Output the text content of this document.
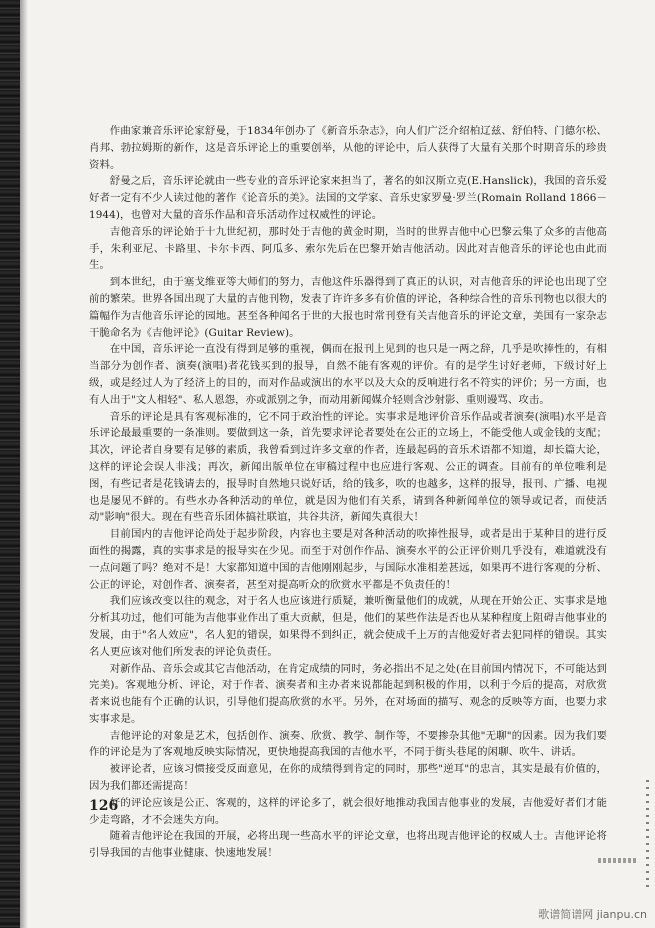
作曲家兼音乐评论家舒曼，于1834年创办了《新音乐杂志》，向人们广泛介绍柏辽兹、舒伯特、门德尔松、肖邦、勃拉姆斯的新作，这是音乐评论上的重要创举，从他的评论中，后人获得了大量有关那个时期音乐的珍贵资料。

舒曼之后，音乐评论就由一些专业的音乐评论家来担当了，著名的如汉斯立克(E.Hanslick)，我国的音乐爱好者一定有不少人读过他的著作《论音乐的美》。法国的文学家、音乐史家罗曼·罗兰(Romain Rolland 1866－1944)，也曾对大量的音乐作品和音乐活动作过权威性的评论。

吉他音乐的评论始于十九世纪初，那时处于吉他的黄金时期，当时的世界吉他中心巴黎云集了众多的吉他高手，朱利亚尼、卡路里、卡尔卡西、阿瓜多、索尔先后在巴黎开始吉他活动。因此对吉他音乐的评论也由此而生。

到本世纪，由于塞戈维亚等大师们的努力，吉他这件乐器得到了真正的认识，对吉他音乐的评论也出现了空前的繁荣。世界各国出现了大量的吉他刊物，发表了许许多多有价值的评论，各种综合性的音乐刊物也以很大的篇幅作为吉他音乐评论的园地。甚至各种闻名于世的大报也时常刊登有关吉他音乐的评论文章，美国有一家杂志干脆命名为《吉他评论》(Guitar Review)。

在中国，音乐评论一直没有得到足够的重视，偶而在报刊上见到的也只是一两之辞，几乎是吹捧性的，有相当部分为创作者、演奏(演唱)者花钱买到的报导，自然不能有客观的评价。有的是学生讨好老师，下级讨好上级，或是经过人为了经济上的目的，而对作品或演出的水平以及大众的反响进行名不符实的评价；另一方面，也有人出于"文人相轻"、私人恩怨，亦或派别之争，而动用新闻媒介轻则含沙射影、重则谩骂、攻击。

音乐的评论是具有客观标准的，它不同于政治性的评论。实事求是地评价音乐作品或者演奏(演唱)水平是音乐评论最最重要的一条准则。要做到这一条，首先要求评论者要处在公正的立场上，不能受他人或金钱的支配；其次，评论者自身要有足够的素质，我曾看到过许多文章的作者，连最起码的音乐术语都不知道，却长篇大论，这样的评论会误人非浅；再次，新闻出版单位在审稿过程中也应进行客观、公正的调查。目前有的单位唯利是图，有些记者是花钱请去的，报导时自然地只说好话，给的钱多，吹的也越多，这样的报导，报刊、广播、电视也是屡见不鲜的。有些水办各种活动的单位，就是因为他们有关系，请到各种新闻单位的领导或记者，而使活动"影响"很大。现在有些音乐团体搞社联谊，共谷共济，新闻失真很大！

目前国内的吉他评论尚处于起步阶段，内容也主要是对各种活动的吹捧性报导，或者是出于某种目的进行反面性的揭露，真的实事求是的报导实在少见。而至于对创作作品、演奏水平的公正评价则几乎没有，难道就没有一点问题了吗？绝对不是！大家都知道中国的吉他刚刚起步，与国际水准相差甚远，如果再不进行客观的分析、公正的评论，对创作者、演奏者，甚至对提高听众的欣赏水平都是不负责任的！

我们应该改变以往的观念，对于名人也应该进行质疑，兼听衡量他们的成就，从现在开始公正、实事求是地分析其功过，他们可能为吉他事业作出了重大贡献，但是，他们的某些作法是否也从某种程度上阻碍吉他事业的发展，由于"名人效应"，名人犯的错误，如果得不到纠正，就会使成千上万的吉他爱好者去犯同样的错误。其实名人更应该对他们所发表的评论负责任。

对新作品、音乐会或其它吉他活动，在肯定成绩的同时，务必指出不足之处(在目前国内情况下，不可能达到完美)。客观地分析、评论，对于作者、演奏者和主办者来说都能起到积极的作用，以利于今后的提高，对欣赏者来说也能有个正确的认识，引导他们提高欣赏的水平。另外，在对场面的描写、观念的反映等方面，也要力求实事求是。

吉他评论的对象是艺术，包括创作、演奏、欣赏、教学、制作等，不要掺杂其他"无聊"的因素。因为我们要作的评论是为了客观地反映实际情况，更快地提高我国的吉他水平，不同于街头巷尾的闲聊、吹牛、讲话。

被评论者，应该习惯接受反面意见，在你的成绩得到肯定的同时，那些"逆耳"的忠言，其实是最有价值的，因为我们都还需提高！

好的评论应该是公正、客观的，这样的评论多了，就会很好地推动我国吉他事业的发展，吉他爱好者们才能少走弯路，才不会迷失方向。

随着吉他评论在我国的开展，必将出现一些高水平的评论文章，也将出现吉他评论的权威人士。吉他评论将引导我国的吉他事业健康、快速地发展！

126
歌谱简谱网 jianpu.cn
